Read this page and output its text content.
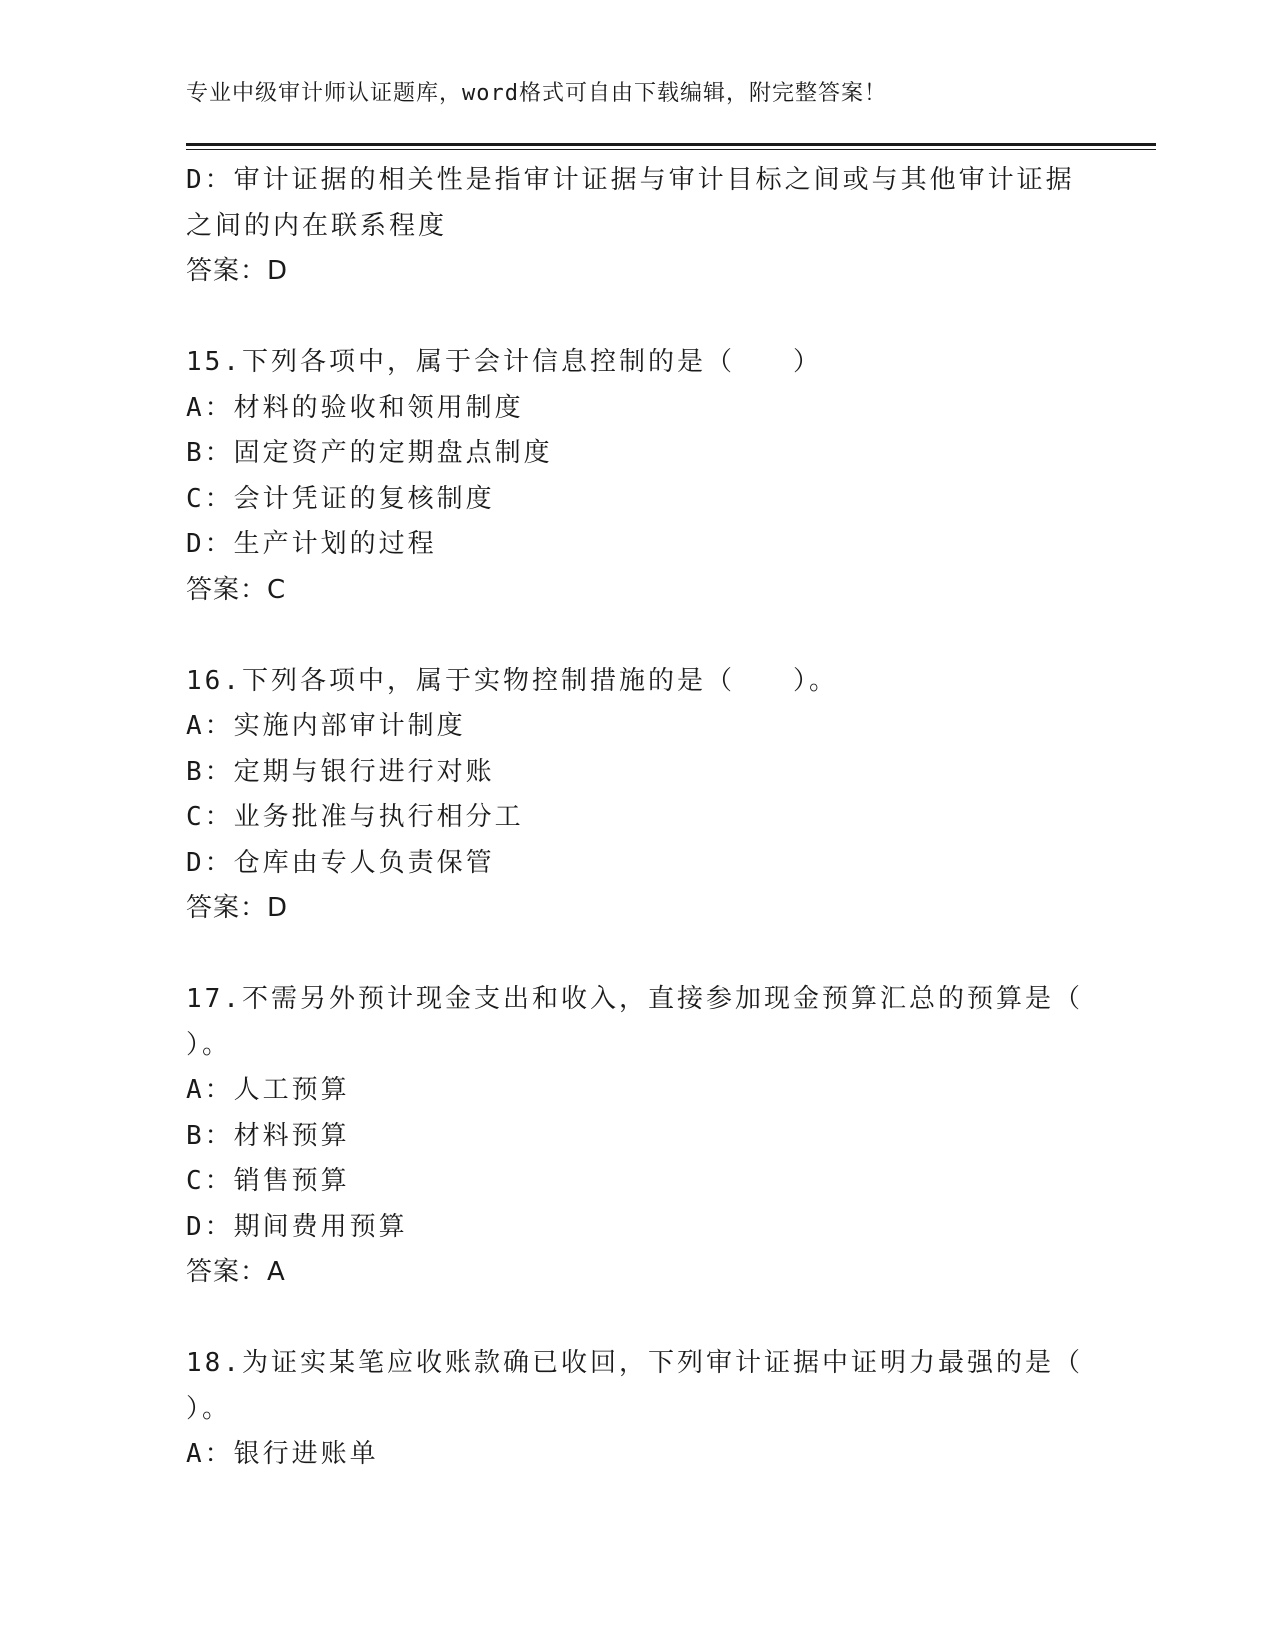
专业中级审计师认证题库，word格式可自由下载编辑，附完整答案！
D：审计证据的相关性是指审计证据与审计目标之间或与其他审计证据
之间的内在联系程度
答案：D
15.下列各项中，属于会计信息控制的是（　　）
A：材料的验收和领用制度
B：固定资产的定期盘点制度
C：会计凭证的复核制度
D：生产计划的过程
答案：C
16.下列各项中，属于实物控制措施的是（　　）。
A：实施内部审计制度
B：定期与银行进行对账
C：业务批准与执行相分工
D：仓库由专人负责保管
答案：D
17.不需另外预计现金支出和收入，直接参加现金预算汇总的预算是（
）。
A：人工预算
B：材料预算
C：销售预算
D：期间费用预算
答案：A
18.为证实某笔应收账款确已收回，下列审计证据中证明力最强的是（
）。
A：银行进账单
